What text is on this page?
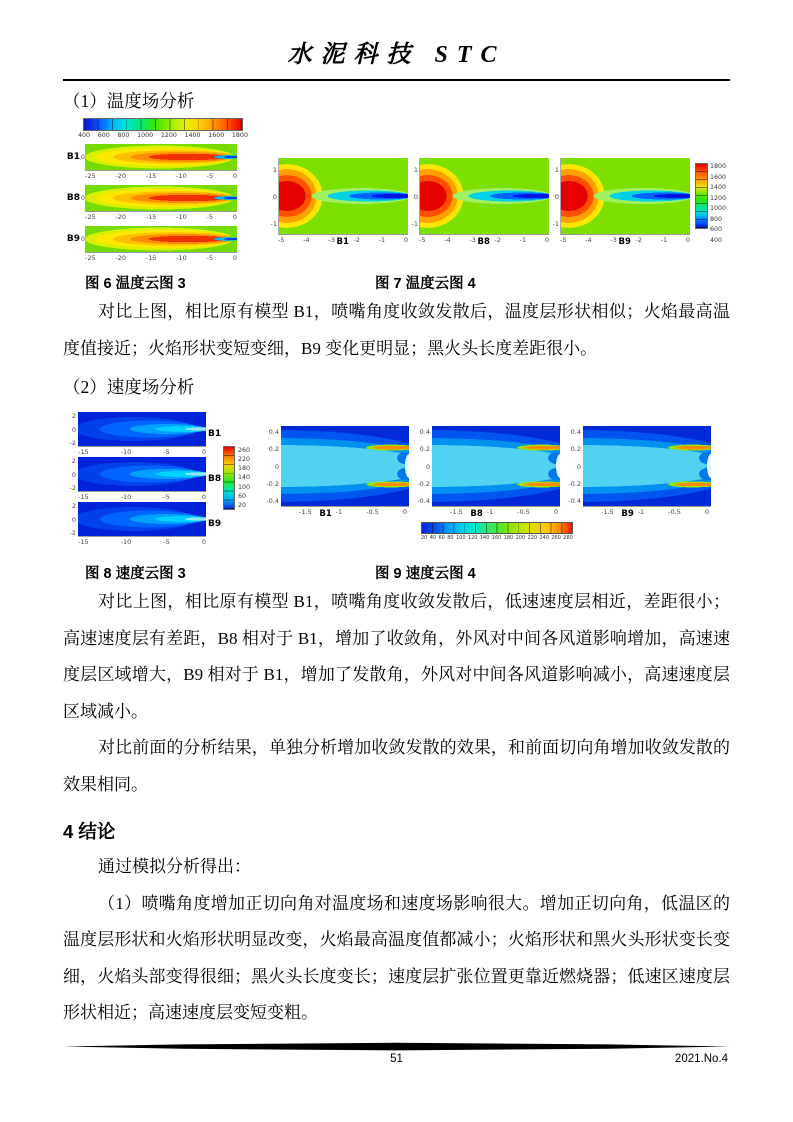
水泥科技 STC
（1）温度场分析
400 600 800 1000 1200 1400 1600 1800
B1 0
-25	-20	-15	-10	-5	0
B8 0
-25	-20	-15	-10	-5	0
B9 0
-25	-20	-15	-10	-5	0
1
0
-1
-5	-4	-3	-2	-1	0
B1
1
0
-1
-5	-4	-3	-2	-1	0
B8
1
0
-1
-5	-4	-3	-2	-1	0
B9
1800
1600
1400
1200
1000
800
600
400
图 6 温度云图 3	图 7 温度云图 4

对比上图，相比原有模型 B1，喷嘴角度收敛发散后，温度层形状相似；火焰最高温度值接近；火焰形状变短变细，B9 变化更明显；黑火头长度差距很小。

（2）速度场分析
2
0
-2
-15	-10	-5	0
B1
2
0
-2
-15	-10	-5	0
B8
2
0
-2
-15	-10	-5	0
B9
260
220
180
140
100
60
20
0.4
0.2
0
-0.2
-0.4
-1.5	-1	-0.5	0
B1
0.4
0.2
0
-0.2
-0.4
-1.5	-1	-0.5	0
B8
0.4
0.2
0
-0.2
-0.4
-1.5	-1	-0.5	0
B9
20 40 60 80 100 120 140 160 180 200 220 240 260 280
图 8 速度云图 3	图 9 速度云图 4

对比上图，相比原有模型 B1，喷嘴角度收敛发散后，低速速度层相近，差距很小；高速速度层有差距，B8 相对于 B1，增加了收敛角，外风对中间各风道影响增加，高速速度层区域增大，B9 相对于 B1，增加了发散角，外风对中间各风道影响减小，高速速度层区域减小。

对比前面的分析结果，单独分析增加收敛发散的效果，和前面切向角增加收敛发散的效果相同。

4 结论

通过模拟分析得出：

（1）喷嘴角度增加正切向角对温度场和速度场影响很大。增加正切向角，低温区的温度层形状和火焰形状明显改变，火焰最高温度值都减小；火焰形状和黑火头形状变长变细，火焰头部变得很细；黑火头长度变长；速度层扩张位置更靠近燃烧器；低速区速度层形状相近；高速速度层变短变粗。

51	2021.No.4
